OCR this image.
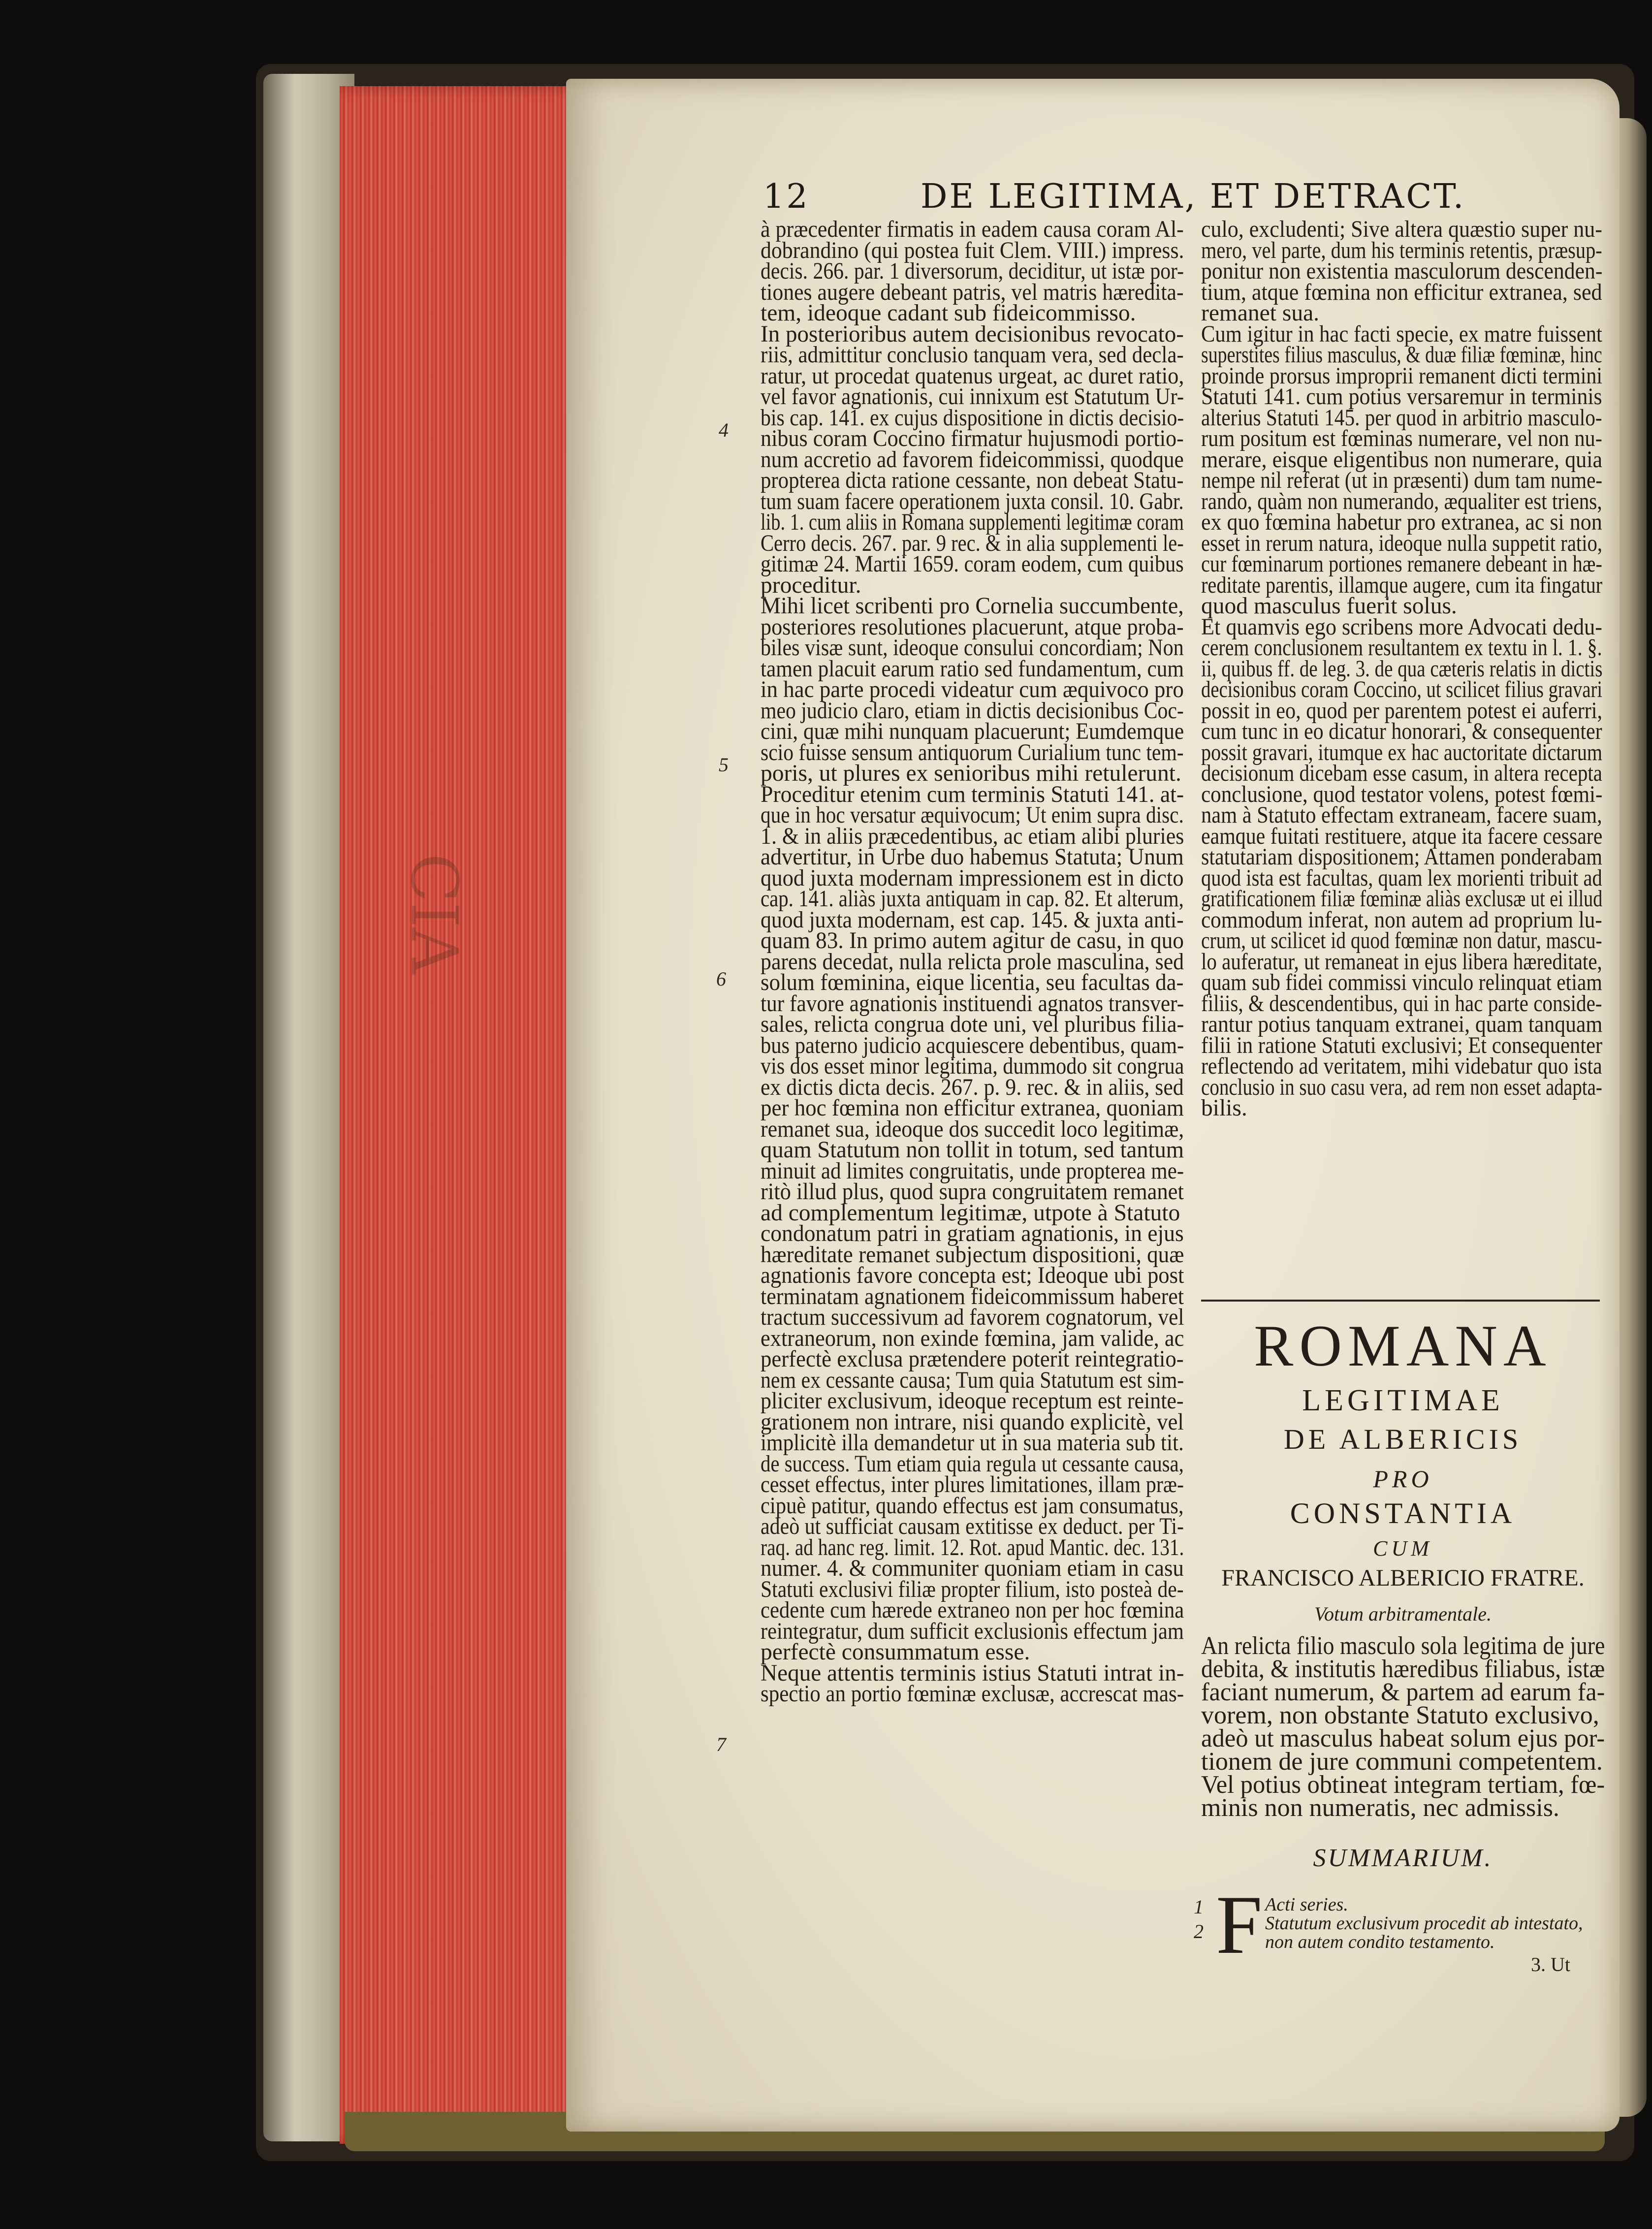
CIA
12	DE LEGITIMA, ET DETRACT.

à præcedenter firmatis in eadem causa coram Al-

dobrandino (qui postea fuit Clem. VIII.) impress.

decis. 266. par. 1 diversorum, deciditur, ut istæ por-

tiones augere debeant patris, vel matris hæredita-

tem, ideoque cadant sub fideicommisso.

In posterioribus autem decisionibus revocato-

riis, admittitur conclusio tanquam vera, sed decla-

ratur, ut procedat quatenus urgeat, ac duret ratio,

vel favor agnationis, cui innixum est Statutum Ur-

bis cap. 141. ex cujus dispositione in dictis decisio-

nibus coram Coccino firmatur hujusmodi portio-

num accretio ad favorem fideicommissi, quodque

propterea dicta ratione cessante, non debeat Statu-

tum suam facere operationem juxta consil. 10. Gabr.

lib. 1. cum aliis in Romana supplementi legitimæ coram

Cerro decis. 267. par. 9 rec. & in alia supplementi le-

gitimæ 24. Martii 1659. coram eodem, cum quibus

proceditur.

Mihi licet scribenti pro Cornelia succumbente,

posteriores resolutiones placuerunt, atque proba-

biles visæ sunt, ideoque consului concordiam; Non

tamen placuit earum ratio sed fundamentum, cum

in hac parte procedi videatur cum æquivoco pro

meo judicio claro, etiam in dictis decisionibus Coc-

cini, quæ mihi nunquam placuerunt; Eumdemque

scio fuisse sensum antiquorum Curialium tunc tem-

poris, ut plures ex senioribus mihi retulerunt.

Proceditur etenim cum terminis Statuti 141. at-

que in hoc versatur æquivocum; Ut enim supra disc.

1. & in aliis præcedentibus, ac etiam alibi pluries

advertitur, in Urbe duo habemus Statuta; Unum

quod juxta modernam impressionem est in dicto

cap. 141. aliàs juxta antiquam in cap. 82. Et alterum,

quod juxta modernam, est cap. 145. & juxta anti-

quam 83. In primo autem agitur de casu, in quo

parens decedat, nulla relicta prole masculina, sed

solum fœminina, eique licentia, seu facultas da-

tur favore agnationis instituendi agnatos transver-

sales, relicta congrua dote uni, vel pluribus filia-

bus paterno judicio acquiescere debentibus, quam-

vis dos esset minor legitima, dummodo sit congrua

ex dictis dicta decis. 267. p. 9. rec. & in aliis, sed

per hoc fœmina non efficitur extranea, quoniam

remanet sua, ideoque dos succedit loco legitimæ,

quam Statutum non tollit in totum, sed tantum

minuit ad limites congruitatis, unde propterea me-

ritò illud plus, quod supra congruitatem remanet

ad complementum legitimæ, utpote à Statuto

condonatum patri in gratiam agnationis, in ejus

hæreditate remanet subjectum dispositioni, quæ

agnationis favore concepta est; Ideoque ubi post

terminatam agnationem fideicommissum haberet

tractum successivum ad favorem cognatorum, vel

extraneorum, non exinde fœmina, jam valide, ac

perfectè exclusa prætendere poterit reintegratio-

nem ex cessante causa; Tum quia Statutum est sim-

pliciter exclusivum, ideoque receptum est reinte-

grationem non intrare, nisi quando explicitè, vel

implicitè illa demandetur ut in sua materia sub tit.

de success. Tum etiam quia regula ut cessante causa,

cesset effectus, inter plures limitationes, illam præ-

cipuè patitur, quando effectus est jam consumatus,

adeò ut sufficiat causam extitisse ex deduct. per Ti-

raq. ad hanc reg. limit. 12. Rot. apud Mantic. dec. 131.

numer. 4. & communiter quoniam etiam in casu

Statuti exclusivi filiæ propter filium, isto posteà de-

cedente cum hærede extraneo non per hoc fœmina

reintegratur, dum sufficit exclusionis effectum jam

perfectè consummatum esse.

Neque attentis terminis istius Statuti intrat in-

spectio an portio fœminæ exclusæ, accrescat mas-

culo, excludenti; Sive altera quæstio super nu-

mero, vel parte, dum his terminis retentis, præsup-

ponitur non existentia masculorum descenden-

tium, atque fœmina non efficitur extranea, sed

remanet sua.

Cum igitur in hac facti specie, ex matre fuissent

superstites filius masculus, & duæ filiæ fœminæ, hinc

proinde prorsus improprii remanent dicti termini

Statuti 141. cum potius versaremur in terminis

alterius Statuti 145. per quod in arbitrio masculo-

rum positum est fœminas numerare, vel non nu-

merare, eisque eligentibus non numerare, quia

nempe nil referat (ut in præsenti) dum tam nume-

rando, quàm non numerando, æqualiter est triens,

ex quo fœmina habetur pro extranea, ac si non

esset in rerum natura, ideoque nulla suppetit ratio,

cur fœminarum portiones remanere debeant in hæ-

reditate parentis, illamque augere, cum ita fingatur

quod masculus fuerit solus.

Et quamvis ego scribens more Advocati dedu-

cerem conclusionem resultantem ex textu in l. 1. §.

ii, quibus ff. de leg. 3. de qua cæteris relatis in dictis

decisionibus coram Coccino, ut scilicet filius gravari

possit in eo, quod per parentem potest ei auferri,

cum tunc in eo dicatur honorari, & consequenter

possit gravari, itumque ex hac auctoritate dictarum

decisionum dicebam esse casum, in altera recepta

conclusione, quod testator volens, potest fœmi-

nam à Statuto effectam extraneam, facere suam,

eamque fuitati restituere, atque ita facere cessare

statutariam dispositionem; Attamen ponderabam

quod ista est facultas, quam lex morienti tribuit ad

gratificationem filiæ fœminæ aliàs exclusæ ut ei illud

commodum inferat, non autem ad proprium lu-

crum, ut scilicet id quod fœminæ non datur, mascu-

lo auferatur, ut remaneat in ejus libera hæreditate,

quam sub fidei commissi vinculo relinquat etiam

filiis, & descendentibus, qui in hac parte conside-

rantur potius tanquam extranei, quam tanquam

filii in ratione Statuti exclusivi; Et consequenter

reflectendo ad veritatem, mihi videbatur quo ista

conclusio in suo casu vera, ad rem non esset adapta-

bilis.

4
5
6
7
1
2
ROMANA
LEGITIMAE
DE ALBERICIS
PRO
CONSTANTIA
CUM
FRANCISCO ALBERICIO FRATRE.
Votum arbitramentale.

An relicta filio masculo sola legitima de jure

debita, & institutis hæredibus filiabus, istæ

faciant numerum, & partem ad earum fa-

vorem, non obstante Statuto exclusivo,

adeò ut masculus habeat solum ejus por-

tionem de jure communi competentem.

Vel potius obtineat integram tertiam, fœ-

minis non numeratis, nec admissis.

SUMMARIUM.
F Acti series.

Statutum exclusivum procedit ab intestato,

non autem condito testamento.

3. Ut
